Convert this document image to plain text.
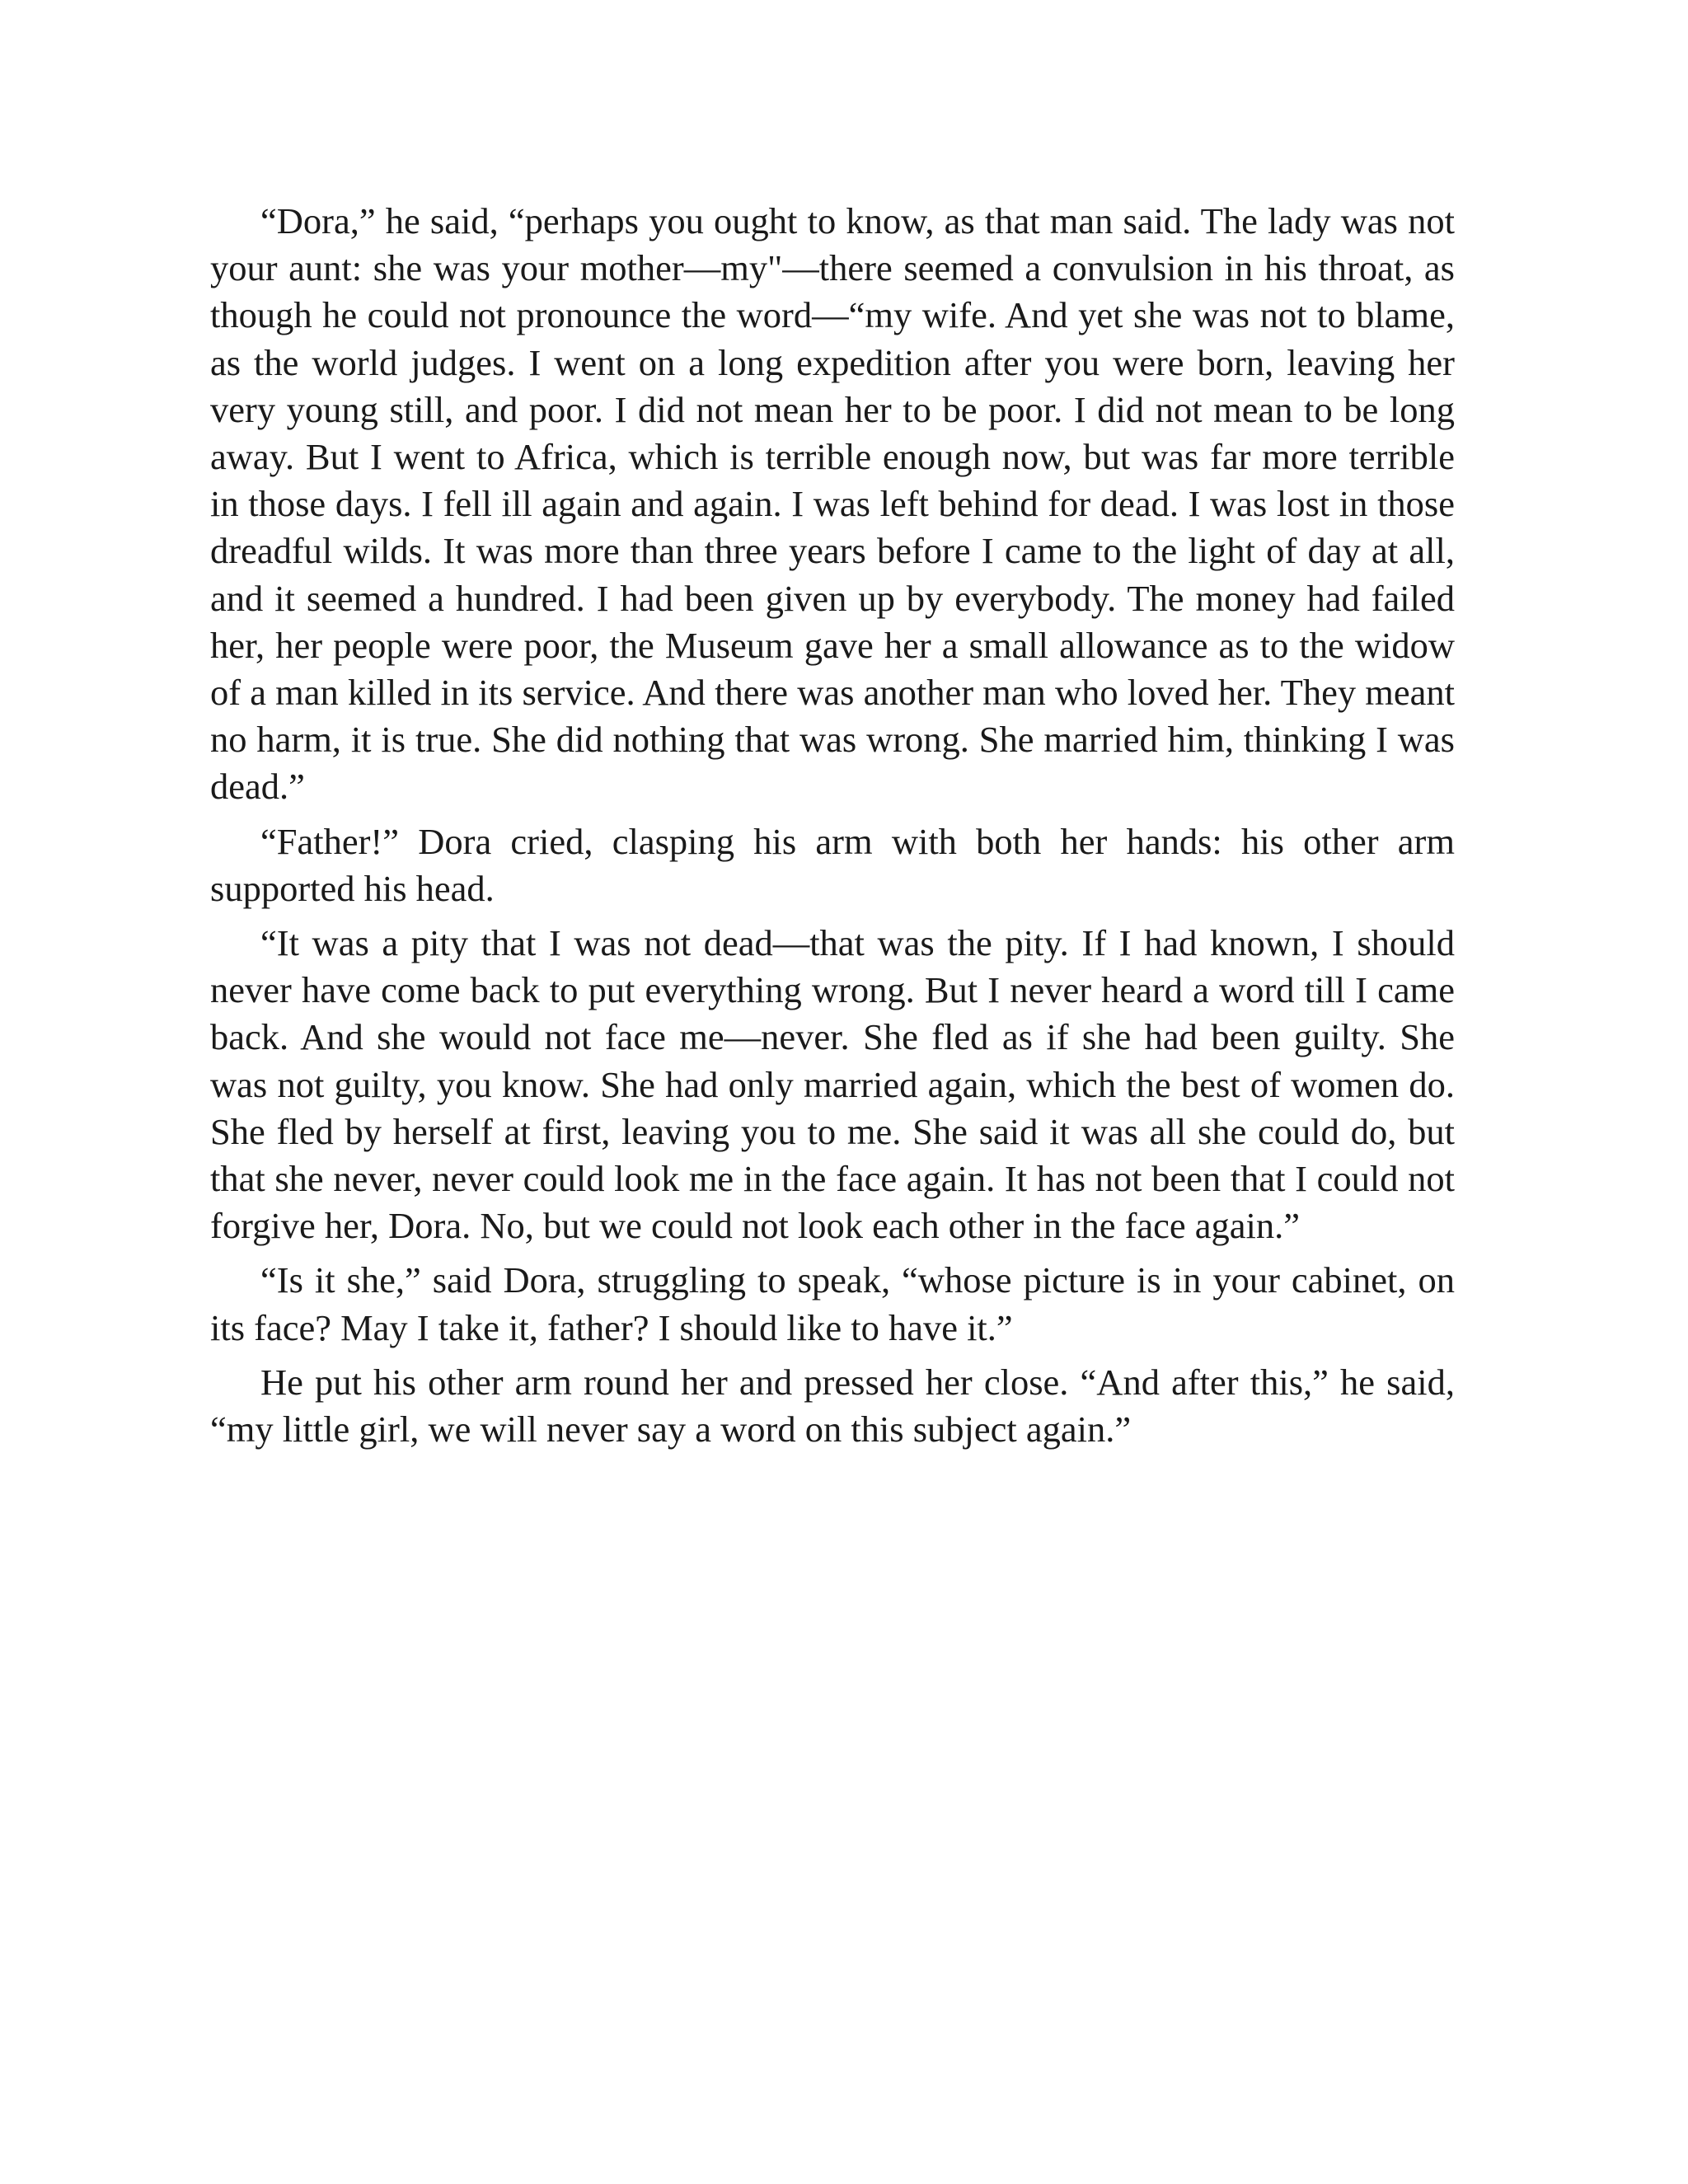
“Dora,” he said, “perhaps you ought to know, as that man said. The lady was not your aunt: she was your mother—my"—there seemed a convulsion in his throat, as though he could not pronounce the word—“my wife. And yet she was not to blame, as the world judges. I went on a long expedition after you were born, leaving her very young still, and poor. I did not mean her to be poor. I did not mean to be long away. But I went to Africa, which is terrible enough now, but was far more terrible in those days. I fell ill again and again. I was left behind for dead. I was lost in those dreadful wilds. It was more than three years before I came to the light of day at all, and it seemed a hundred. I had been given up by everybody. The money had failed her, her people were poor, the Museum gave her a small allowance as to the widow of a man killed in its service. And there was another man who loved her. They meant no harm, it is true. She did nothing that was wrong. She married him, thinking I was dead.”

“Father!” Dora cried, clasping his arm with both her hands: his other arm supported his head.

“It was a pity that I was not dead—that was the pity. If I had known, I should never have come back to put everything wrong. But I never heard a word till I came back. And she would not face me—never. She fled as if she had been guilty. She was not guilty, you know. She had only married again, which the best of women do. She fled by herself at first, leaving you to me. She said it was all she could do, but that she never, never could look me in the face again. It has not been that I could not forgive her, Dora. No, but we could not look each other in the face again.”

“Is it she,” said Dora, struggling to speak, “whose picture is in your cabinet, on its face? May I take it, father? I should like to have it.”

He put his other arm round her and pressed her close. “And after this,” he said, “my little girl, we will never say a word on this subject again.”
